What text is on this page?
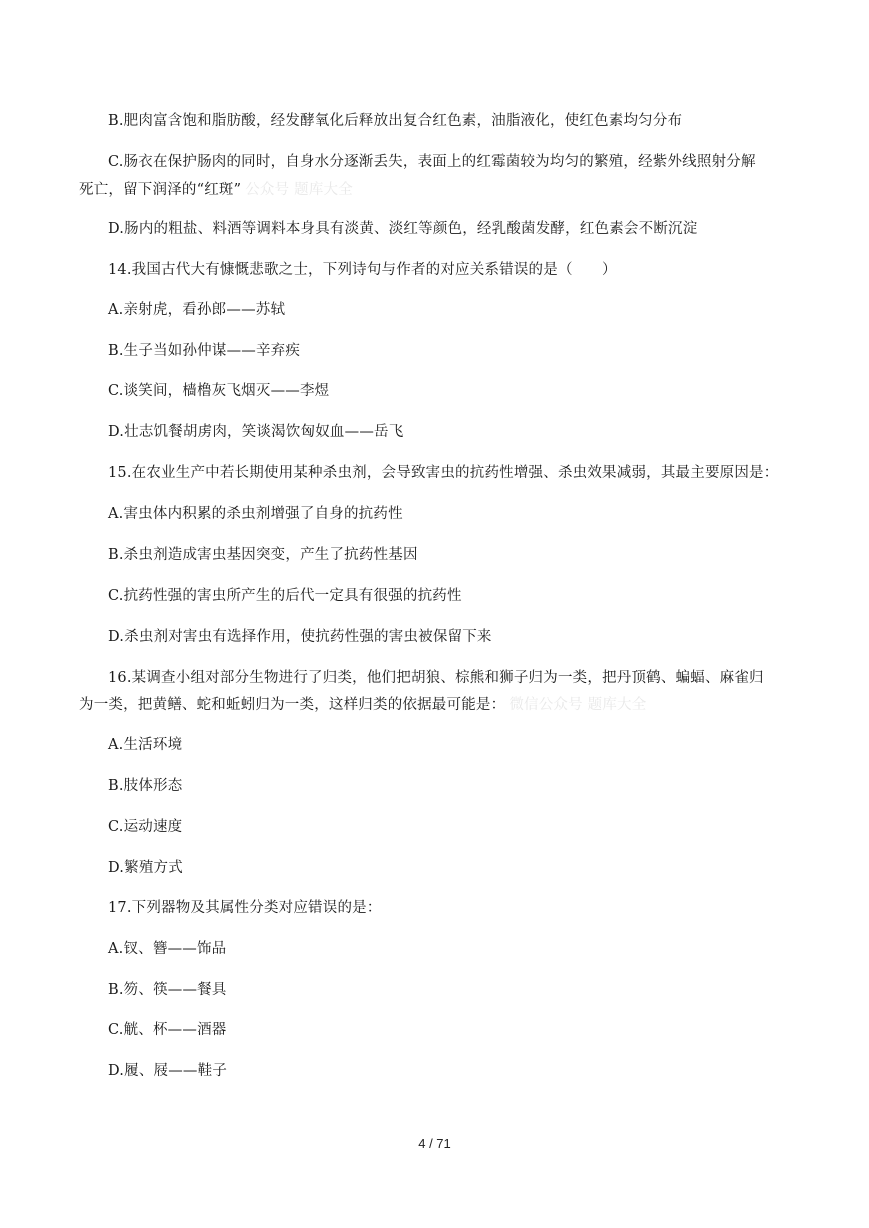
B.肥肉富含饱和脂肪酸，经发酵氧化后释放出复合红色素，油脂液化，使红色素均匀分布
C.肠衣在保护肠肉的同时，自身水分逐渐丢失，表面上的红霉菌较为均匀的繁殖，经紫外线照射分解
死亡，留下润泽的“红斑” 公众号 题库大全
D.肠内的粗盐、料酒等调料本身具有淡黄、淡红等颜色，经乳酸菌发酵，红色素会不断沉淀
14.我国古代大有慷慨悲歌之士，下列诗句与作者的对应关系错误的是（　　）
A.亲射虎，看孙郎——苏轼
B.生子当如孙仲谋——辛弃疾
C.谈笑间，樯橹灰飞烟灭——李煜
D.壮志饥餐胡虏肉，笑谈渴饮匈奴血——岳飞
15.在农业生产中若长期使用某种杀虫剂，会导致害虫的抗药性增强、杀虫效果减弱，其最主要原因是：
A.害虫体内积累的杀虫剂增强了自身的抗药性
B.杀虫剂造成害虫基因突变，产生了抗药性基因
C.抗药性强的害虫所产生的后代一定具有很强的抗药性
D.杀虫剂对害虫有选择作用，使抗药性强的害虫被保留下来
16.某调查小组对部分生物进行了归类，他们把胡狼、棕熊和狮子归为一类，把丹顶鹤、蝙蝠、麻雀归
为一类，把黄鳝、蛇和蚯蚓归为一类，这样归类的依据最可能是： 微信公众号 题库大全
A.生活环境
B.肢体形态
C.运动速度
D.繁殖方式
17.下列器物及其属性分类对应错误的是：
A.钗、簪——饰品
B.笏、筷——餐具
C.觥、杯——酒器
D.履、屐——鞋子
4 / 71
